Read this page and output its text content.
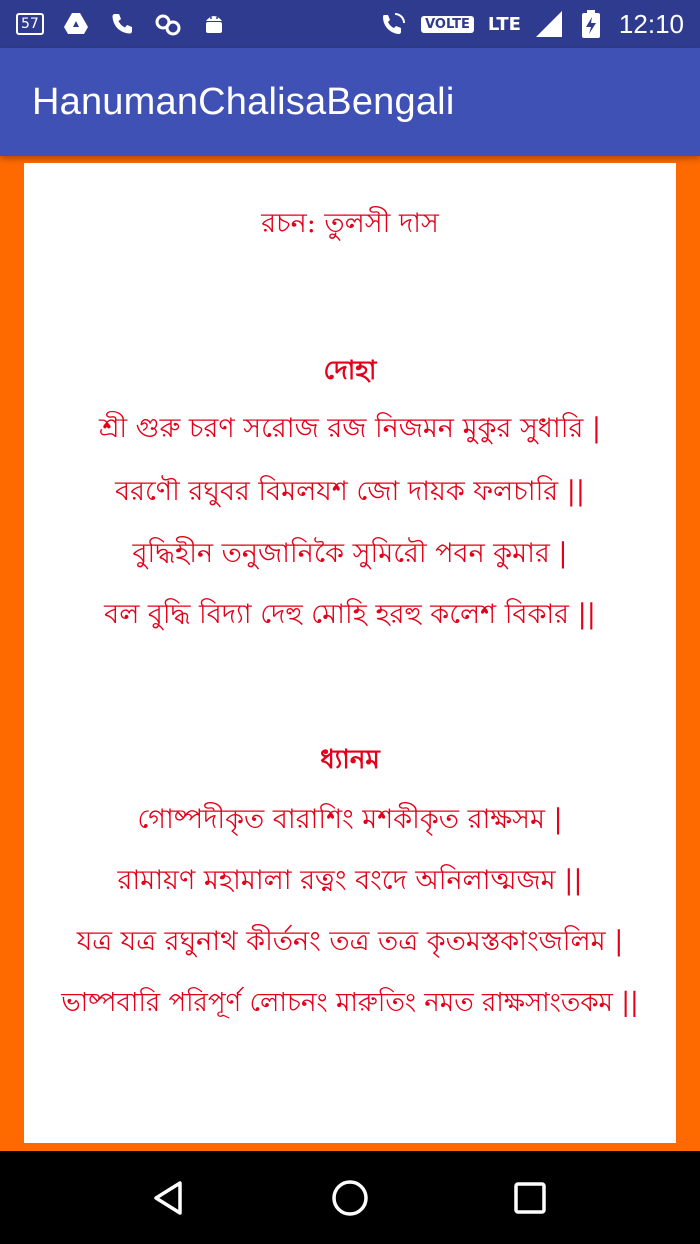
57	VOLTE LTE	12:10
HanumanChalisaBengali
রচন: তুলসী দাস
দোহা
শ্রী গুরু চরণ সরোজ রজ নিজমন মুকুর সুধারি |
বরণৌ রঘুবর বিমলযশ জো দায়ক ফলচারি ||
বুদ্ধিহীন তনুজানিকৈ সুমিরৌ পবন কুমার |
বল বুদ্ধি বিদ্যা দেহু মোহি হরহু কলেশ বিকার ||
ধ্যানম
গোষ্পদীকৃত বারাশিং মশকীকৃত রাক্ষসম |
রামায়ণ মহামালা রত্নং বংদে অনিলাত্মজম ||
যত্র যত্র রঘুনাথ কীর্তনং তত্র তত্র কৃতমস্তকাংজলিম |
ভাষ্পবারি পরিপূর্ণ লোচনং মারুতিং নমত রাক্ষসাংতকম ||
